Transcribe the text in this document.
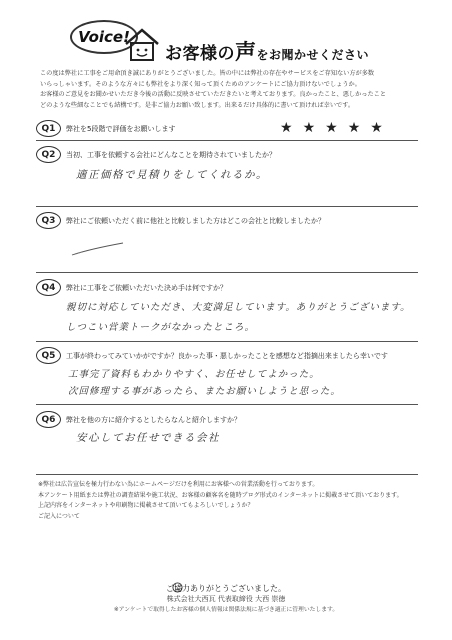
Voice!
お客様の声をお聞かせください
この度は弊社に工事をご用命頂き誠にありがとうございました。皆の中には弊社の存在やサービスをご存知ない方が多数
いらっしゃいます。そのような方々にも弊社をより深く知って頂くためのアンケートにご協力頂けないでしょうか。
お客様のご意見をお聞かせいただき今後の活動に反映させていただきたいと考えております。良かったこと、悪しかったこと
どのような些細なことでも結構です。是非ご協力お願い致します。出来るだけ具体的に書いて頂ければ幸いです。
Q1	弊社を5段階で評価をお願いします	★ ★ ★ ★ ★
Q2	当初、工事を依頼する会社にどんなことを期待されていましたか？
適正価格で見積りをしてくれるか。
Q3	弊社にご依頼いただく前に他社と比較しました方はどこの会社と比較しましたか？
Q4	弊社に工事をご依頼いただいた決め手は何ですか？
親切に対応していただき、大変満足しています。ありがとうございます。
しつこい営業トークがなかったところ。
Q5	工事が終わってみていかがですか？良かった事・悪しかったことを感想など指摘出来ましたら幸いです
工事完了資料もわかりやすく、お任せしてよかった。
次回修理する事があったら、またお願いしようと思った。
Q6	弊社を他の方に紹介するとしたらなんと紹介しますか？
安心してお任せできる会社
※弊社は広告宣伝を極力行わない為にホームページだけを利用にお客様への営業活動を行っております。
本アンケート用紙または弊社の調査結果や施工状況、お客様の顧客名を随時ブログ形式のインターネットに掲載させて頂いております。
上記内容をインターネットや印刷物に掲載させて頂いてもよろしいでしょうか？
ご記入について
ご協力ありがとうございました。
株式会社大西瓦 代表取締役 大西 崇徳
※アンケートで取得したお客様の個人情報は関係法規に基づき適正に管理いたします。
